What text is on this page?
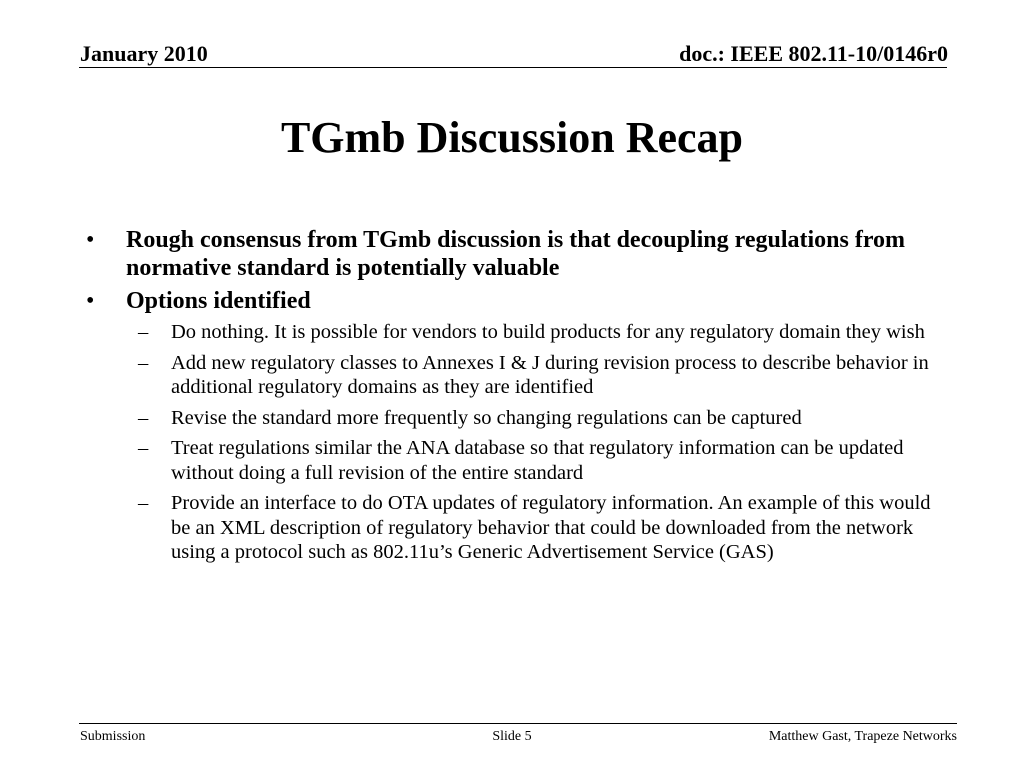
January 2010	doc.: IEEE 802.11-10/0146r0
TGmb Discussion Recap
• Rough consensus from TGmb discussion is that decoupling regulations from normative standard is potentially valuable
• Options identified
– Do nothing. It is possible for vendors to build products for any regulatory domain they wish
– Add new regulatory classes to Annexes I & J during revision process to describe behavior in additional regulatory domains as they are identified
– Revise the standard more frequently so changing regulations can be captured
– Treat regulations similar the ANA database so that regulatory information can be updated without doing a full revision of the entire standard
– Provide an interface to do OTA updates of regulatory information. An example of this would be an XML description of regulatory behavior that could be downloaded from the network using a protocol such as 802.11u’s Generic Advertisement Service (GAS)
Submission	Slide 5	Matthew Gast, Trapeze Networks
